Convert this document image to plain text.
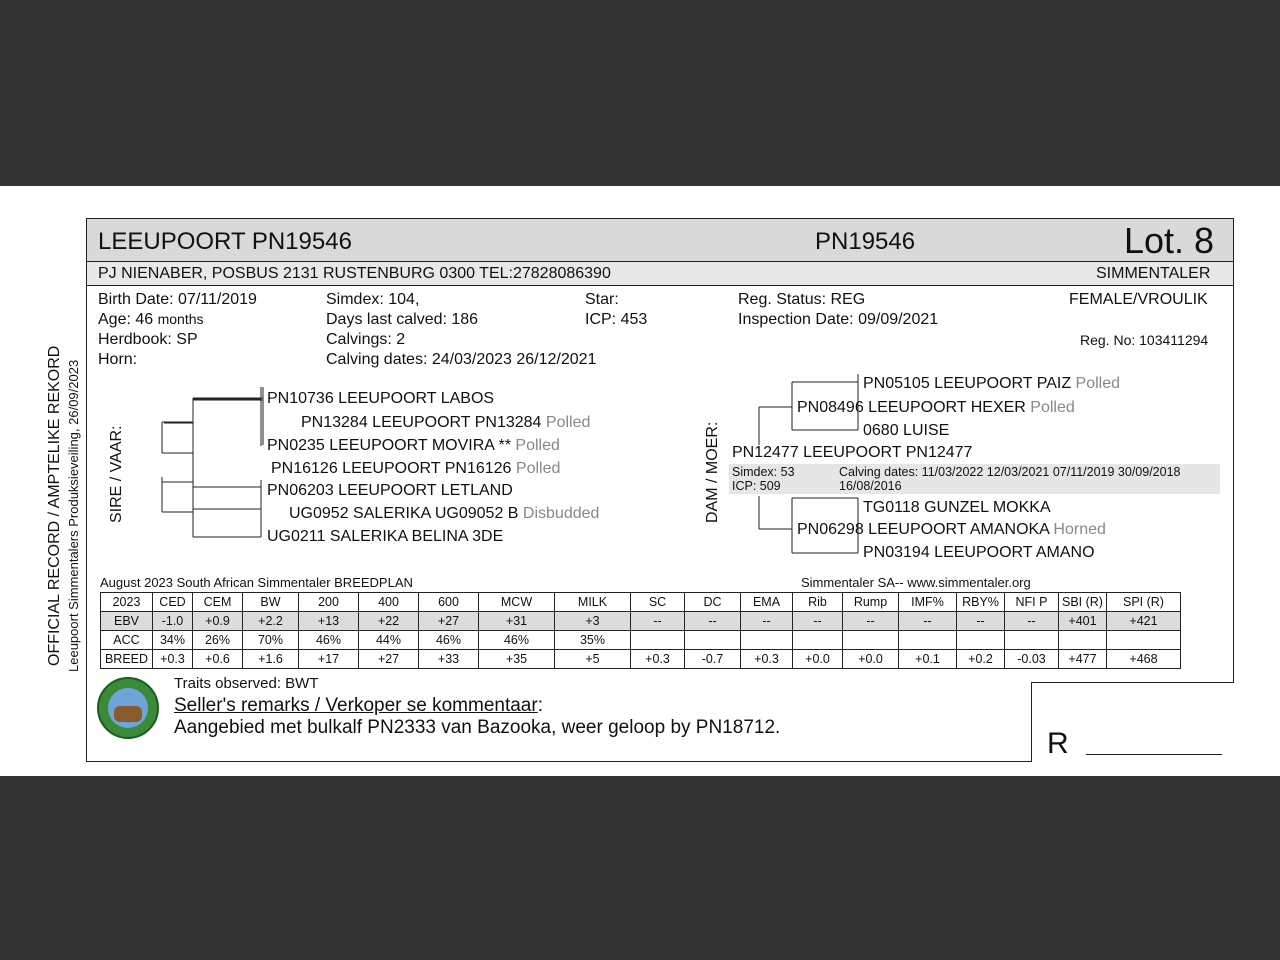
OFFICIAL RECORD / AMPTELIKE REKORD Leeupoort Simmentalers Produksieveiling, 26/09/2023
LEEUPOORT PN19546	PN19546	Lot. 8
PJ NIENABER, POSBUS 2131 RUSTENBURG 0300 TEL:27828086390	SIMMENTALER
Birth Date: 07/11/2019
Age: 46 months
Herdbook: SP
Horn:
Simdex: 104,
Days last calved: 186
Calvings: 2
Calving dates: 24/03/2023 26/12/2021
Star:
ICP: 453
Reg. Status: REG
Inspection Date: 09/09/2021
FEMALE/VROULIK
Reg. No: 103411294
SIRE / VAAR:	DAM / MOER:
PN10736 LEEUPOORT LABOS
PN13284 LEEUPOORT PN13284 Polled
PN0235 LEEUPOORT MOVIRA ** Polled
PN16126 LEEUPOORT PN16126 Polled
PN06203 LEEUPOORT LETLAND
UG0952 SALERIKA UG09052 B Disbudded
UG0211 SALERIKA BELINA 3DE
PN05105 LEEUPOORT PAIZ Polled
PN08496 LEEUPOORT HEXER Polled
0680 LUISE
PN12477 LEEUPOORT PN12477
Simdex: 53
ICP: 509
Calving dates: 11/03/2022 12/03/2021 07/11/2019 30/09/2018
16/08/2016
TG0118 GUNZEL MOKKA
PN06298 LEEUPOORT AMANOKA Horned
PN03194 LEEUPOORT AMANO
August 2023 South African Simmentaler BREEDPLAN	Simmentaler SA-- www.simmentaler.org
2023	CED	CEM	BW	200	400	600	MCW	MILK	SC	DC	EMA	Rib	Rump	IMF%	RBY%	NFI P	SBI (R)	SPI (R)
EBV	-1.0	+0.9	+2.2	+13	+22	+27	+31	+3	--	--	--	--	--	--	--	--	+401	+421
ACC	34%	26%	70%	46%	44%	46%	46%	35%										
BREED	+0.3	+0.6	+1.6	+17	+27	+33	+35	+5	+0.3	-0.7	+0.3	+0.0	+0.0	+0.1	+0.2	-0.03	+477	+468
Traits observed: BWT
Seller's remarks / Verkoper se kommentaar:
Aangebied met bulkalf PN2333 van Bazooka, weer geloop by PN18712.	R
